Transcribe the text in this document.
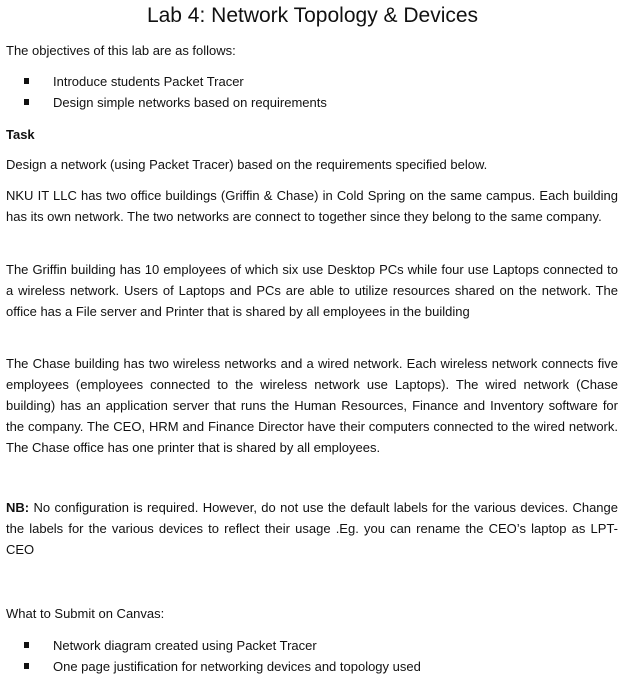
Lab 4: Network Topology & Devices
The objectives of this lab are as follows:
Introduce students Packet Tracer
Design simple networks based on requirements
Task
Design a network (using Packet Tracer) based on the requirements specified below.
NKU IT LLC has two office buildings (Griffin & Chase) in Cold Spring on the same campus. Each building has its own network. The two networks are connect to together since they belong to the same company.
The Griffin building has 10 employees of which six use Desktop PCs while four use Laptops connected to a wireless network. Users of Laptops and PCs are able to utilize resources shared on the network. The office has a File server and Printer that is shared by all employees in the building
The Chase building has two wireless networks and a wired network. Each wireless network connects five employees (employees connected to the wireless network use Laptops). The wired network (Chase building) has an application server that runs the Human Resources, Finance and Inventory software for the company. The CEO, HRM and Finance Director have their computers connected to the wired network. The Chase office has one printer that is shared by all employees.
NB: No configuration is required. However, do not use the default labels for the various devices. Change the labels for the various devices to reflect their usage .Eg. you can rename the CEO’s laptop as LPT- CEO
What to Submit on Canvas:
Network diagram created using Packet Tracer
One page justification for networking devices and topology used
